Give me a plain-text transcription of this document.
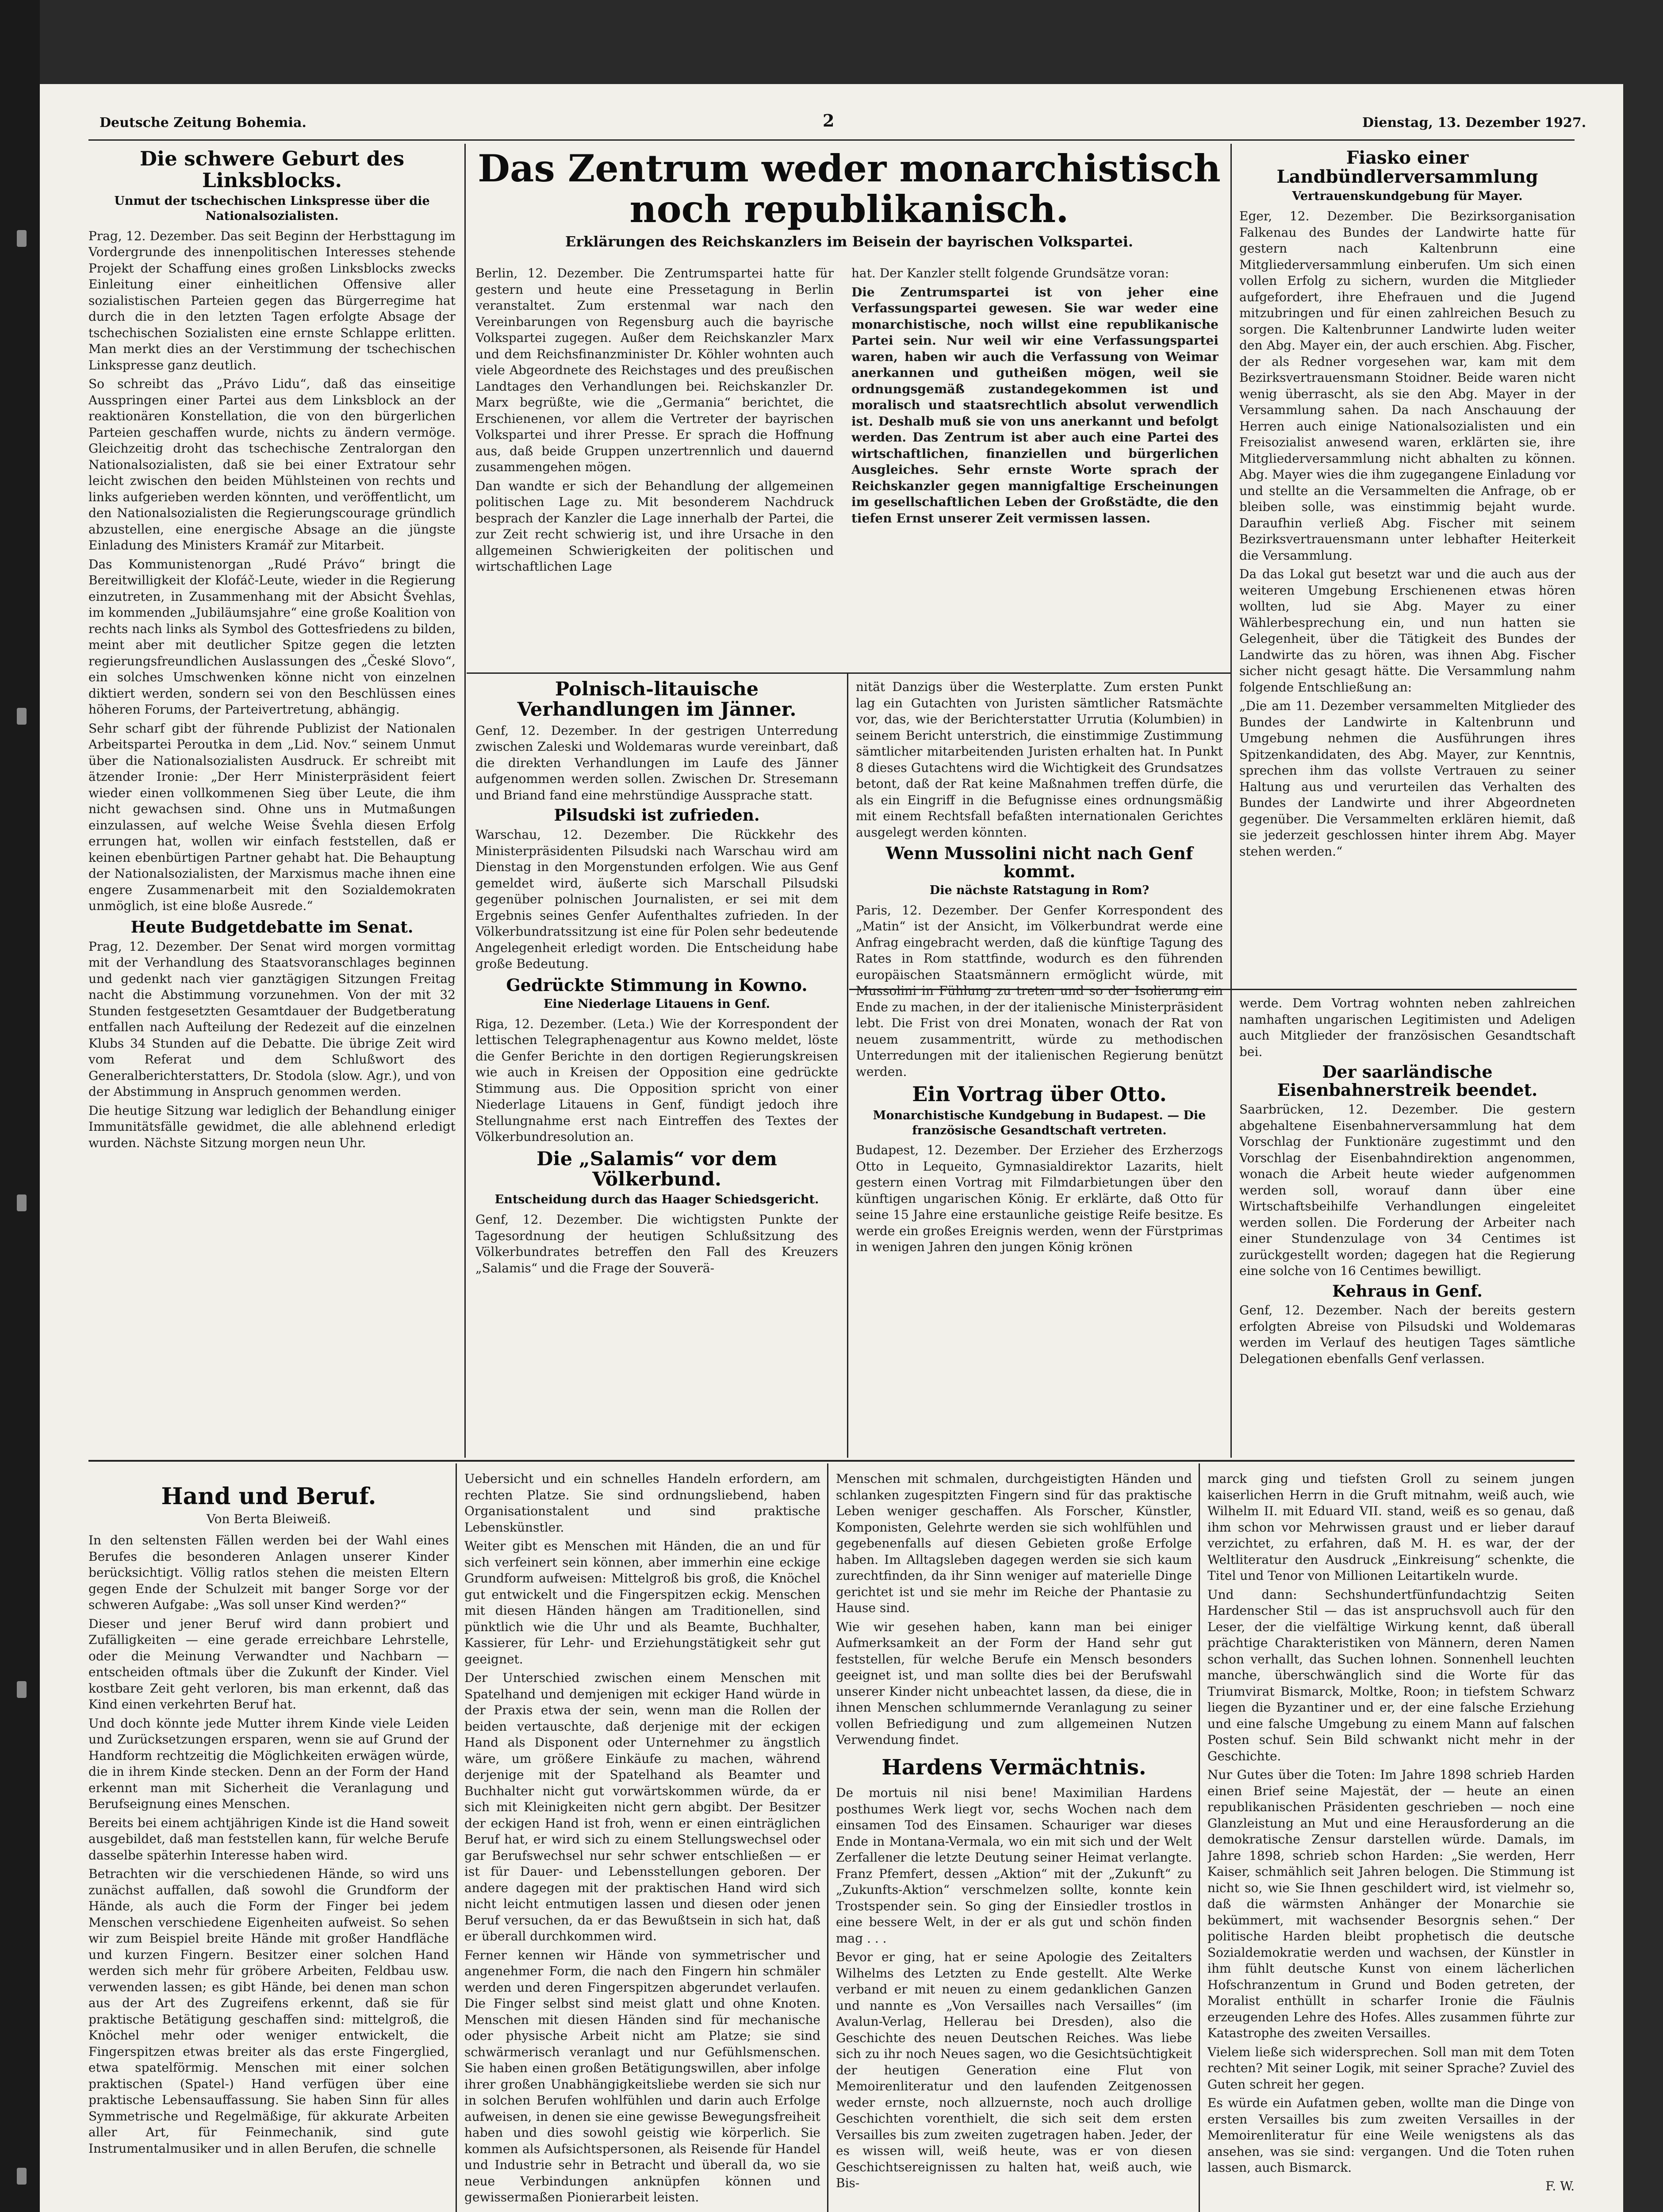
Deutsche Zeitung Bohemia.	2	Dienstag, 13. Dezember 1927.
Die schwere Geburt des Linksblocks.
Unmut der tschechischen Linkspresse über die Nationalsozialisten.

Prag, 12. Dezember. Das seit Beginn der Herbsttagung im Vordergrunde des innenpolitischen Interesses stehende Projekt der Schaffung eines großen Linksblocks zwecks Einleitung einer einheitlichen Offensive aller sozialistischen Parteien gegen das Bürgerregime hat durch die in den letzten Tagen erfolgte Absage der tschechischen Sozialisten eine ernste Schlappe erlitten. Man merkt dies an der Verstimmung der tschechischen Linkspresse ganz deutlich.

So schreibt das „Právo Lidu“, daß das einseitige Ausspringen einer Partei aus dem Linksblock an der reaktionären Konstellation, die von den bürgerlichen Parteien geschaffen wurde, nichts zu ändern vermöge. Gleichzeitig droht das tschechische Zentralorgan den Nationalsozialisten, daß sie bei einer Extratour sehr leicht zwischen den beiden Mühlsteinen von rechts und links aufgerieben werden könnten, und veröffentlicht, um den Nationalsozialisten die Regierungscourage gründlich abzustellen, eine energische Absage an die jüngste Einladung des Ministers Kramář zur Mitarbeit.

Das Kommunistenorgan „Rudé Právo“ bringt die Bereitwilligkeit der Klofáč-Leute, wieder in die Regierung einzutreten, in Zusammenhang mit der Absicht Švehlas, im kommenden „Jubiläumsjahre“ eine große Koalition von rechts nach links als Symbol des Gottesfriedens zu bilden, meint aber mit deutlicher Spitze gegen die letzten regierungsfreundlichen Auslassungen des „České Slovo“, ein solches Umschwenken könne nicht von einzelnen diktiert werden, sondern sei von den Beschlüssen eines höheren Forums, der Parteivertretung, abhängig.

Sehr scharf gibt der führende Publizist der Nationalen Arbeitspartei Peroutka in dem „Lid. Nov.“ seinem Unmut über die Nationalsozialisten Ausdruck. Er schreibt mit ätzender Ironie: „Der Herr Ministerpräsident feiert wieder einen vollkommenen Sieg über Leute, die ihm nicht gewachsen sind. Ohne uns in Mutmaßungen einzulassen, auf welche Weise Švehla diesen Erfolg errungen hat, wollen wir einfach feststellen, daß er keinen ebenbürtigen Partner gehabt hat. Die Behauptung der Nationalsozialisten, der Marxismus mache ihnen eine engere Zusammenarbeit mit den Sozialdemokraten unmöglich, ist eine bloße Ausrede.“

Heute Budgetdebatte im Senat.

Prag, 12. Dezember. Der Senat wird morgen vormittag mit der Verhandlung des Staatsvoranschlages beginnen und gedenkt nach vier ganztägigen Sitzungen Freitag nacht die Abstimmung vorzunehmen. Von der mit 32 Stunden festgesetzten Gesamtdauer der Budgetberatung entfallen nach Aufteilung der Redezeit auf die einzelnen Klubs 34 Stunden auf die Debatte. Die übrige Zeit wird vom Referat und dem Schlußwort des Generalberichterstatters, Dr. Stodola (slow. Agr.), und von der Abstimmung in Anspruch genommen werden.

Die heutige Sitzung war lediglich der Behandlung einiger Immunitätsfälle gewidmet, die alle ablehnend erledigt wurden. Nächste Sitzung morgen neun Uhr.

Das Zentrum weder monarchistisch noch republikanisch.
Erklärungen des Reichskanzlers im Beisein der bayrischen Volkspartei.

Berlin, 12. Dezember. Die Zentrumspartei hatte für gestern und heute eine Pressetagung in Berlin veranstaltet. Zum erstenmal war nach den Vereinbarungen von Regensburg auch die bayrische Volkspartei zugegen. Außer dem Reichskanzler Marx und dem Reichsfinanzminister Dr. Köhler wohnten auch viele Abgeordnete des Reichstages und des preußischen Landtages den Verhandlungen bei. Reichskanzler Dr. Marx begrüßte, wie die „Germania“ berichtet, die Erschienenen, vor allem die Vertreter der bayrischen Volkspartei und ihrer Presse. Er sprach die Hoffnung aus, daß beide Gruppen unzertrennlich und dauernd zusammengehen mögen.

Dan wandte er sich der Behandlung der allgemeinen politischen Lage zu. Mit besonderem Nachdruck besprach der Kanzler die Lage innerhalb der Partei, die zur Zeit recht schwierig ist, und ihre Ursache in den allgemeinen Schwierigkeiten der politischen und wirtschaftlichen Lage

hat. Der Kanzler stellt folgende Grundsätze voran:

Die Zentrumspartei ist von jeher eine Verfassungspartei gewesen. Sie war weder eine monarchistische, noch willst eine republikanische Partei sein. Nur weil wir eine Verfassungspartei waren, haben wir auch die Verfassung von Weimar anerkannen und gutheißen mögen, weil sie ordnungsgemäß zustandegekommen ist und moralisch und staatsrechtlich absolut verwendlich ist. Deshalb muß sie von uns anerkannt und befolgt werden. Das Zentrum ist aber auch eine Partei des wirtschaftlichen, finanziellen und bürgerlichen Ausgleiches. Sehr ernste Worte sprach der Reichskanzler gegen mannigfaltige Erscheinungen im gesellschaftlichen Leben der Großstädte, die den tiefen Ernst unserer Zeit vermissen lassen.

Polnisch-litauische Verhandlungen im Jänner.

Genf, 12. Dezember. In der gestrigen Unterredung zwischen Zaleski und Woldemaras wurde vereinbart, daß die direkten Verhandlungen im Laufe des Jänner aufgenommen werden sollen. Zwischen Dr. Stresemann und Briand fand eine mehrstündige Aussprache statt.

Pilsudski ist zufrieden.

Warschau, 12. Dezember. Die Rückkehr des Ministerpräsidenten Pilsudski nach Warschau wird am Dienstag in den Morgenstunden erfolgen. Wie aus Genf gemeldet wird, äußerte sich Marschall Pilsudski gegenüber polnischen Journalisten, er sei mit dem Ergebnis seines Genfer Aufenthaltes zufrieden. In der Völkerbundratssitzung ist eine für Polen sehr bedeutende Angelegenheit erledigt worden. Die Entscheidung habe große Bedeutung.

Gedrückte Stimmung in Kowno.
Eine Niederlage Litauens in Genf.

Riga, 12. Dezember. (Leta.) Wie der Korrespondent der lettischen Telegraphenagentur aus Kowno meldet, löste die Genfer Berichte in den dortigen Regierungskreisen wie auch in Kreisen der Opposition eine gedrückte Stimmung aus. Die Opposition spricht von einer Niederlage Litauens in Genf, fündigt jedoch ihre Stellungnahme erst nach Eintreffen des Textes der Völkerbundresolution an.

Die „Salamis“ vor dem Völkerbund.
Entscheidung durch das Haager Schiedsgericht.

Genf, 12. Dezember. Die wichtigsten Punkte der Tagesordnung der heutigen Schlußsitzung des Völkerbundrates betreffen den Fall des Kreuzers „Salamis“ und die Frage der Souverä-

nität Danzigs über die Westerplatte. Zum ersten Punkt lag ein Gutachten von Juristen sämtlicher Ratsmächte vor, das, wie der Berichterstatter Urrutia (Kolumbien) in seinem Bericht unterstrich, die einstimmige Zustimmung sämtlicher mitarbeitenden Juristen erhalten hat. In Punkt 8 dieses Gutachtens wird die Wichtigkeit des Grundsatzes betont, daß der Rat keine Maßnahmen treffen dürfe, die als ein Eingriff in die Befugnisse eines ordnungsmäßig mit einem Rechtsfall befaßten internationalen Gerichtes ausgelegt werden könnten.

Wenn Mussolini nicht nach Genf kommt.
Die nächste Ratstagung in Rom?

Paris, 12. Dezember. Der Genfer Korrespondent des „Matin“ ist der Ansicht, im Völkerbundrat werde eine Anfrag eingebracht werden, daß die künftige Tagung des Rates in Rom stattfinde, wodurch es den führenden europäischen Staatsmännern ermöglicht würde, mit Mussolini in Fühlung zu treten und so der Isolierung ein Ende zu machen, in der der italienische Ministerpräsident lebt. Die Frist von drei Monaten, wonach der Rat von neuem zusammentritt, würde zu methodischen Unterredungen mit der italienischen Regierung benützt werden.

Ein Vortrag über Otto.
Monarchistische Kundgebung in Budapest. — Die französische Gesandtschaft vertreten.

Budapest, 12. Dezember. Der Erzieher des Erzherzogs Otto in Lequeito, Gymnasialdirektor Lazarits, hielt gestern einen Vortrag mit Filmdarbietungen über den künftigen ungarischen König. Er erklärte, daß Otto für seine 15 Jahre eine erstaunliche geistige Reife besitze. Es werde ein großes Ereignis werden, wenn der Fürstprimas in wenigen Jahren den jungen König krönen

Fiasko einer Landbündlerversammlung
Vertrauenskundgebung für Mayer.

Eger, 12. Dezember. Die Bezirksorganisation Falkenau des Bundes der Landwirte hatte für gestern nach Kaltenbrunn eine Mitgliederversammlung einberufen. Um sich einen vollen Erfolg zu sichern, wurden die Mitglieder aufgefordert, ihre Ehefrauen und die Jugend mitzubringen und für einen zahlreichen Besuch zu sorgen. Die Kaltenbrunner Landwirte luden weiter den Abg. Mayer ein, der auch erschien. Abg. Fischer, der als Redner vorgesehen war, kam mit dem Bezirksvertrauensmann Stoidner. Beide waren nicht wenig überrascht, als sie den Abg. Mayer in der Versammlung sahen. Da nach Anschauung der Herren auch einige Nationalsozialisten und ein Freisozialist anwesend waren, erklärten sie, ihre Mitgliederversammlung nicht abhalten zu können. Abg. Mayer wies die ihm zugegangene Einladung vor und stellte an die Versammelten die Anfrage, ob er bleiben solle, was einstimmig bejaht wurde. Daraufhin verließ Abg. Fischer mit seinem Bezirksvertrauensmann unter lebhafter Heiterkeit die Versammlung.

Da das Lokal gut besetzt war und die auch aus der weiteren Umgebung Erschienenen etwas hören wollten, lud sie Abg. Mayer zu einer Wählerbesprechung ein, und nun hatten sie Gelegenheit, über die Tätigkeit des Bundes der Landwirte das zu hören, was ihnen Abg. Fischer sicher nicht gesagt hätte. Die Versammlung nahm folgende Entschließung an:

„Die am 11. Dezember versammelten Mitglieder des Bundes der Landwirte in Kaltenbrunn und Umgebung nehmen die Ausführungen ihres Spitzenkandidaten, des Abg. Mayer, zur Kenntnis, sprechen ihm das vollste Vertrauen zu seiner Haltung aus und verurteilen das Verhalten des Bundes der Landwirte und ihrer Abgeordneten gegenüber. Die Versammelten erklären hiemit, daß sie jederzeit geschlossen hinter ihrem Abg. Mayer stehen werden.“

werde. Dem Vortrag wohnten neben zahlreichen namhaften ungarischen Legitimisten und Adeligen auch Mitglieder der französischen Gesandtschaft bei.

Der saarländische Eisenbahnerstreik beendet.

Saarbrücken, 12. Dezember. Die gestern abgehaltene Eisenbahnerversammlung hat dem Vorschlag der Funktionäre zugestimmt und den Vorschlag der Eisenbahndirektion angenommen, wonach die Arbeit heute wieder aufgenommen werden soll, worauf dann über eine Wirtschaftsbeihilfe Verhandlungen eingeleitet werden sollen. Die Forderung der Arbeiter nach einer Stundenzulage von 34 Centimes ist zurückgestellt worden; dagegen hat die Regierung eine solche von 16 Centimes bewilligt.

Kehraus in Genf.

Genf, 12. Dezember. Nach der bereits gestern erfolgten Abreise von Pilsudski und Woldemaras werden im Verlauf des heutigen Tages sämtliche Delegationen ebenfalls Genf verlassen.

Hand und Beruf.
Von Berta Bleiweiß.

In den seltensten Fällen werden bei der Wahl eines Berufes die besonderen Anlagen unserer Kinder berücksichtigt. Völlig ratlos stehen die meisten Eltern gegen Ende der Schulzeit mit banger Sorge vor der schweren Aufgabe: „Was soll unser Kind werden?“

Dieser und jener Beruf wird dann probiert und Zufälligkeiten — eine gerade erreichbare Lehrstelle, oder die Meinung Verwandter und Nachbarn — entscheiden oftmals über die Zukunft der Kinder. Viel kostbare Zeit geht verloren, bis man erkennt, daß das Kind einen verkehrten Beruf hat.

Und doch könnte jede Mutter ihrem Kinde viele Leiden und Zurücksetzungen ersparen, wenn sie auf Grund der Handform rechtzeitig die Möglichkeiten erwägen würde, die in ihrem Kinde stecken. Denn an der Form der Hand erkennt man mit Sicherheit die Veranlagung und Berufseignung eines Menschen.

Bereits bei einem achtjährigen Kinde ist die Hand soweit ausgebildet, daß man feststellen kann, für welche Berufe dasselbe späterhin Interesse haben wird.

Betrachten wir die verschiedenen Hände, so wird uns zunächst auffallen, daß sowohl die Grundform der Hände, als auch die Form der Finger bei jedem Menschen verschiedene Eigenheiten aufweist. So sehen wir zum Beispiel breite Hände mit großer Handfläche und kurzen Fingern. Besitzer einer solchen Hand werden sich mehr für gröbere Arbeiten, Feldbau usw. verwenden lassen; es gibt Hände, bei denen man schon aus der Art des Zugreifens erkennt, daß sie für praktische Betätigung geschaffen sind: mittelgroß, die Knöchel mehr oder weniger entwickelt, die Fingerspitzen etwas breiter als das erste Fingerglied, etwa spatelförmig. Menschen mit einer solchen praktischen (Spatel-) Hand verfügen über eine praktische Lebensauffassung. Sie haben Sinn für alles Symmetrische und Regelmäßige, für akkurate Arbeiten aller Art, für Feinmechanik, sind gute Instrumentalmusiker und in allen Berufen, die schnelle

Uebersicht und ein schnelles Handeln erfordern, am rechten Platze. Sie sind ordnungsliebend, haben Organisationstalent und sind praktische Lebenskünstler.

Weiter gibt es Menschen mit Händen, die an und für sich verfeinert sein können, aber immerhin eine eckige Grundform aufweisen: Mittelgroß bis groß, die Knöchel gut entwickelt und die Fingerspitzen eckig. Menschen mit diesen Händen hängen am Traditionellen, sind pünktlich wie die Uhr und als Beamte, Buchhalter, Kassierer, für Lehr- und Erziehungstätigkeit sehr gut geeignet.

Der Unterschied zwischen einem Menschen mit Spatelhand und demjenigen mit eckiger Hand würde in der Praxis etwa der sein, wenn man die Rollen der beiden vertauschte, daß derjenige mit der eckigen Hand als Disponent oder Unternehmer zu ängstlich wäre, um größere Einkäufe zu machen, während derjenige mit der Spatelhand als Beamter und Buchhalter nicht gut vorwärtskommen würde, da er sich mit Kleinigkeiten nicht gern abgibt. Der Besitzer der eckigen Hand ist froh, wenn er einen einträglichen Beruf hat, er wird sich zu einem Stellungswechsel oder gar Berufswechsel nur sehr schwer entschließen — er ist für Dauer- und Lebensstellungen geboren. Der andere dagegen mit der praktischen Hand wird sich nicht leicht entmutigen lassen und diesen oder jenen Beruf versuchen, da er das Bewußtsein in sich hat, daß er überall durchkommen wird.

Ferner kennen wir Hände von symmetrischer und angenehmer Form, die nach den Fingern hin schmäler werden und deren Fingerspitzen abgerundet verlaufen. Die Finger selbst sind meist glatt und ohne Knoten. Menschen mit diesen Händen sind für mechanische oder physische Arbeit nicht am Platze; sie sind schwärmerisch veranlagt und nur Gefühlsmenschen. Sie haben einen großen Betätigungswillen, aber infolge ihrer großen Unabhängigkeitsliebe werden sie sich nur in solchen Berufen wohlfühlen und darin auch Erfolge aufweisen, in denen sie eine gewisse Bewegungsfreiheit haben und dies sowohl geistig wie körperlich. Sie kommen als Aufsichtspersonen, als Reisende für Handel und Industrie sehr in Betracht und überall da, wo sie neue Verbindungen anknüpfen können und gewissermaßen Pionierarbeit leisten.

Menschen mit schmalen, durchgeistigten Händen und schlanken zugespitzten Fingern sind für das praktische Leben weniger geschaffen. Als Forscher, Künstler, Komponisten, Gelehrte werden sie sich wohlfühlen und gegebenenfalls auf diesen Gebieten große Erfolge haben. Im Alltagsleben dagegen werden sie sich kaum zurechtfinden, da ihr Sinn weniger auf materielle Dinge gerichtet ist und sie mehr im Reiche der Phantasie zu Hause sind.

Wie wir gesehen haben, kann man bei einiger Aufmerksamkeit an der Form der Hand sehr gut feststellen, für welche Berufe ein Mensch besonders geeignet ist, und man sollte dies bei der Berufswahl unserer Kinder nicht unbeachtet lassen, da diese, die in ihnen Menschen schlummernde Veranlagung zu seiner vollen Befriedigung und zum allgemeinen Nutzen Verwendung findet.

Hardens Vermächtnis.

De mortuis nil nisi bene! Maximilian Hardens posthumes Werk liegt vor, sechs Wochen nach dem einsamen Tod des Einsamen. Schauriger war dieses Ende in Montana-Vermala, wo ein mit sich und der Welt Zerfallener die letzte Deutung seiner Heimat verlangte. Franz Pfemfert, dessen „Aktion“ mit der „Zukunft“ zu „Zukunfts-Aktion“ verschmelzen sollte, konnte kein Trostspender sein. So ging der Einsiedler trostlos in eine bessere Welt, in der er als gut und schön finden mag . . .

Bevor er ging, hat er seine Apologie des Zeitalters Wilhelms des Letzten zu Ende gestellt. Alte Werke verband er mit neuen zu einem gedanklichen Ganzen und nannte es „Von Versailles nach Versailles“ (im Avalun-Verlag, Hellerau bei Dresden), also die Geschichte des neuen Deutschen Reiches. Was liebe sich zu ihr noch Neues sagen, wo die Gesichtsüchtigkeit der heutigen Generation eine Flut von Memoirenliteratur und den laufenden Zeitgenossen weder ernste, noch allzuernste, noch auch drollige Geschichten vorenthielt, die sich seit dem ersten Versailles bis zum zweiten zugetragen haben. Jeder, der es wissen will, weiß heute, was er von diesen Geschichtsereignissen zu halten hat, weiß auch, wie Bis-

marck ging und tiefsten Groll zu seinem jungen kaiserlichen Herrn in die Gruft mitnahm, weiß auch, wie Wilhelm II. mit Eduard VII. stand, weiß es so genau, daß ihm schon vor Mehrwissen graust und er lieber darauf verzichtet, zu erfahren, daß M. H. es war, der der Weltliteratur den Ausdruck „Einkreisung“ schenkte, die Titel und Tenor von Millionen Leitartikeln wurde.

Und dann: Sechshundertfünfundachtzig Seiten Hardenscher Stil — das ist anspruchsvoll auch für den Leser, der die vielfältige Wirkung kennt, daß überall prächtige Charakteristiken von Männern, deren Namen schon verhallt, das Suchen lohnen. Sonnenhell leuchten manche, überschwänglich sind die Worte für das Triumvirat Bismarck, Moltke, Roon; in tiefstem Schwarz liegen die Byzantiner und er, der eine falsche Erziehung und eine falsche Umgebung zu einem Mann auf falschen Posten schuf. Sein Bild schwankt nicht mehr in der Geschichte.

Nur Gutes über die Toten: Im Jahre 1898 schrieb Harden einen Brief seine Majestät, der — heute an einen republikanischen Präsidenten geschrieben — noch eine Glanzleistung an Mut und eine Herausforderung an die demokratische Zensur darstellen würde. Damals, im Jahre 1898, schrieb schon Harden: „Sie werden, Herr Kaiser, schmählich seit Jahren belogen. Die Stimmung ist nicht so, wie Sie Ihnen geschildert wird, ist vielmehr so, daß die wärmsten Anhänger der Monarchie sie bekümmert, mit wachsender Besorgnis sehen.“ Der politische Harden bleibt prophetisch die deutsche Sozialdemokratie werden und wachsen, der Künstler in ihm fühlt deutsche Kunst von einem lächerlichen Hofschranzentum in Grund und Boden getreten, der Moralist enthüllt in scharfer Ironie die Fäulnis erzeugenden Lehre des Hofes. Alles zusammen führte zur Katastrophe des zweiten Versailles.

Vielem ließe sich widersprechen. Soll man mit dem Toten rechten? Mit seiner Logik, mit seiner Sprache? Zuviel des Guten schreit her gegen.

Es würde ein Aufatmen geben, wollte man die Dinge von ersten Versailles bis zum zweiten Versailles in der Memoirenliteratur für eine Weile wenigstens als das ansehen, was sie sind: vergangen. Und die Toten ruhen lassen, auch Bismarck.

F. W.
